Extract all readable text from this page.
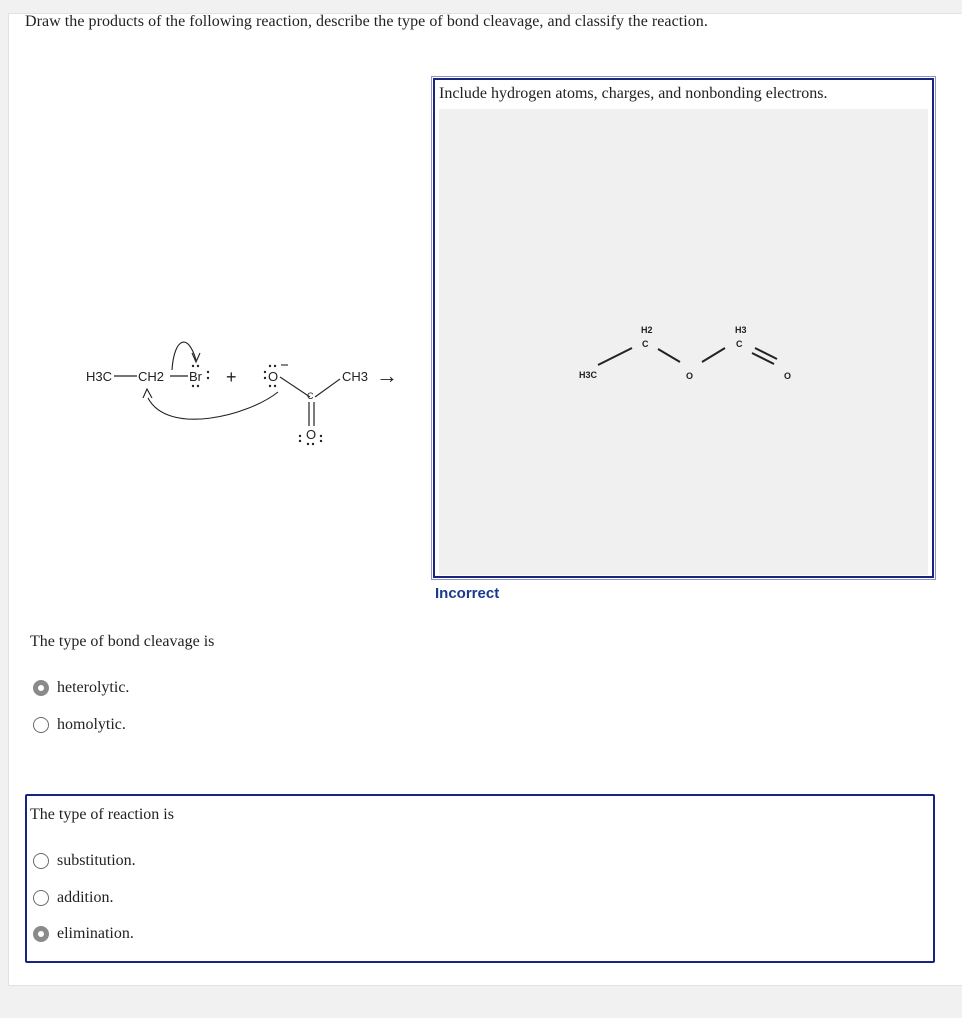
Draw the products of the following reaction, describe the type of bond cleavage, and classify the reaction.
H3C CH2 Br + O	CH3
C
O
→
Include hydrogen atoms, charges, and nonbonding electrons.
H3C
H2
C
O
H3
C
O
Incorrect
The type of bond cleavage is
heterolytic.
homolytic.
The type of reaction is
substitution.
addition.
elimination.
